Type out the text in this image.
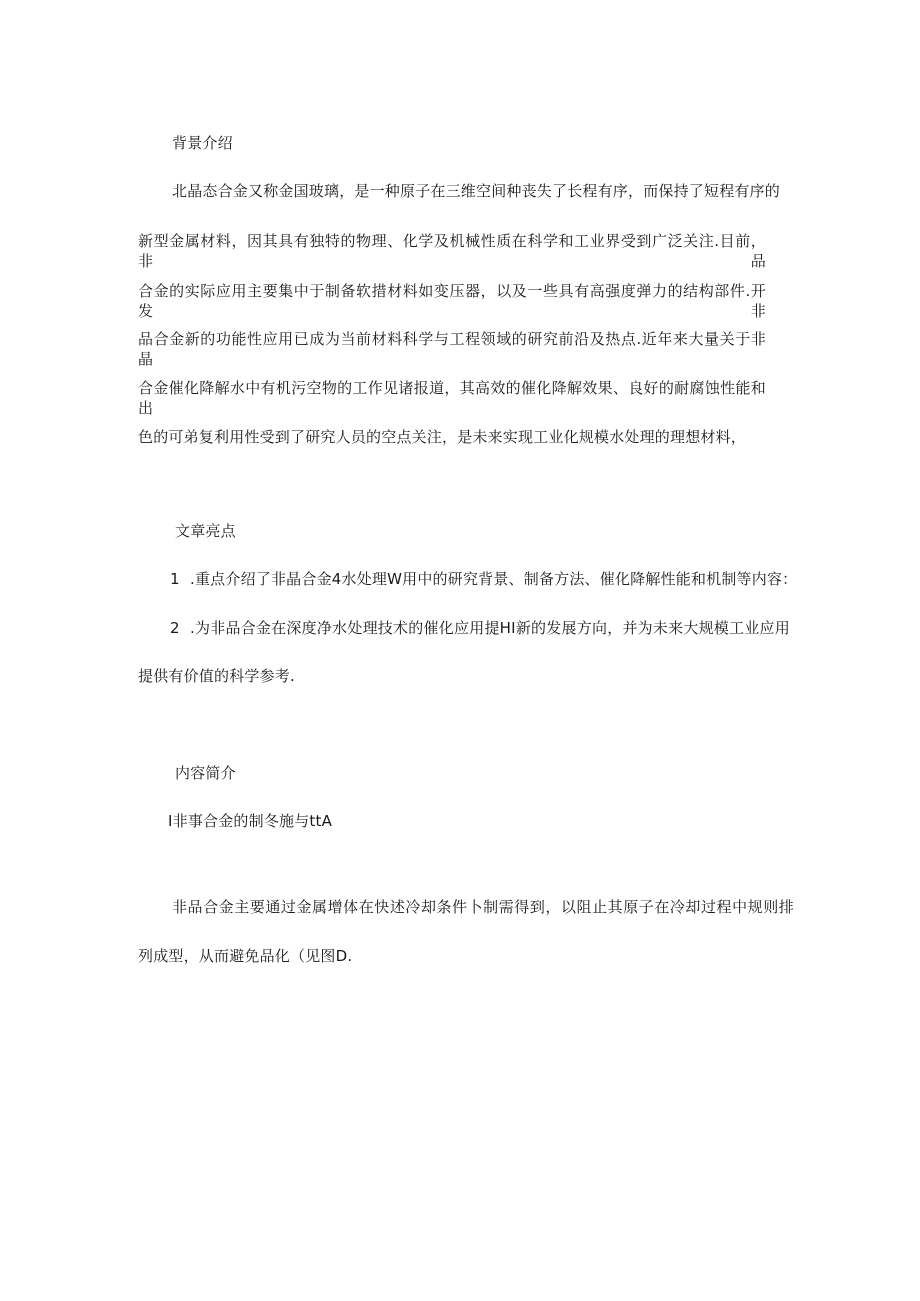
背景介绍
北晶态合金又称金国玻璃，是一种原子在三维空间种丧失了长程有序，而保持了短程有序的
新型金属材料，因其具有独特的物理、化学及机械性质在科学和工业界受到广泛关注.目前，非品
合金的实际应用主要集中于制备软措材料如变压器，以及一些具有高强度弹力的结构部件.开发非
品合金新的功能性应用已成为当前材料科学与工程领域的研究前沿及热点.近年来大量关于非晶
合金催化降解水中有机污空物的工作见诸报道，其高效的催化降解效果、良好的耐腐蚀性能和出
色的可弟复利用性受到了研究人员的空点关注，是未来实现工业化规模水处理的理想材料，
文章亮点
1 .重点介绍了非晶合金4水处理W用中的研究背景、制备方法、催化降解性能和机制等内容：
2 .为非品合金在深度净水处理技术的催化应用提HI新的发展方向，并为未来大规模工业应用
提供有价值的科学参考.
内容简介
I非事合金的制冬施与ttA
非品合金主要通过金属增体在快述冷却条件卜制需得到，以阻止其原子在冷却过程中规则排
列成型，从而避免品化（见图D.
